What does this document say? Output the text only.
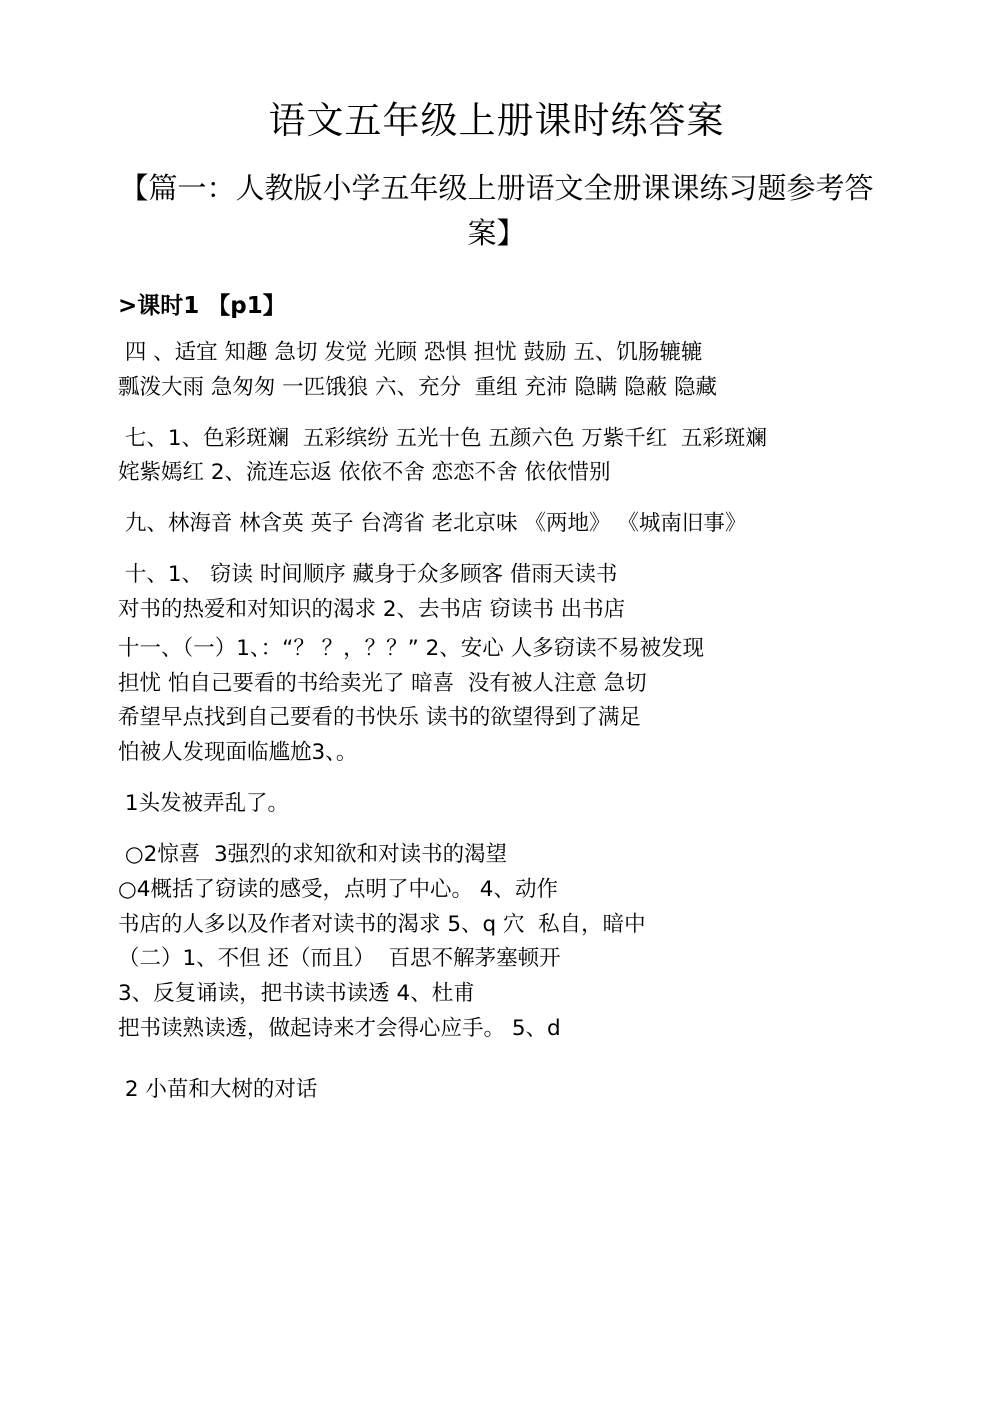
语文五年级上册课时练答案
【篇一：人教版小学五年级上册语文全册课课练习题参考答案】
>课时1 【p1】
四 、适宜 知趣 急切 发觉 光顾 恐惧 担忧 鼓励 五、饥肠辘辘
瓢泼大雨 急匆匆 一匹饿狼 六、充分  重组 充沛 隐瞒 隐蔽 隐藏
七、1、色彩斑斓  五彩缤纷 五光十色 五颜六色 万紫千红  五彩斑斓
姹紫嫣红 2、流连忘返 依依不舍 恋恋不舍 依依惜别
九、林海音 林含英 英子 台湾省 老北京味 《两地》 《城南旧事》
十、1、 窃读 时间顺序 藏身于众多顾客 借雨天读书
对书的热爱和对知识的渴求 2、去书店 窃读书 出书店
十一、（一）1、：“？ ？，？？” 2、安心 人多窃读不易被发现
担忧 怕自己要看的书给卖光了 暗喜  没有被人注意 急切
希望早点找到自己要看的书快乐 读书的欲望得到了满足
怕被人发现面临尴尬3、。
1头发被弄乱了。
○2惊喜  3强烈的求知欲和对读书的渴望
○4概括了窃读的感受，点明了中心。 4、动作
书店的人多以及作者对读书的渴求 5、q 穴  私自，暗中
（二）1、不但 还（而且）  百思不解茅塞顿开
3、反复诵读，把书读书读透 4、杜甫
把书读熟读透，做起诗来才会得心应手。 5、d
2 小苗和大树的对话
